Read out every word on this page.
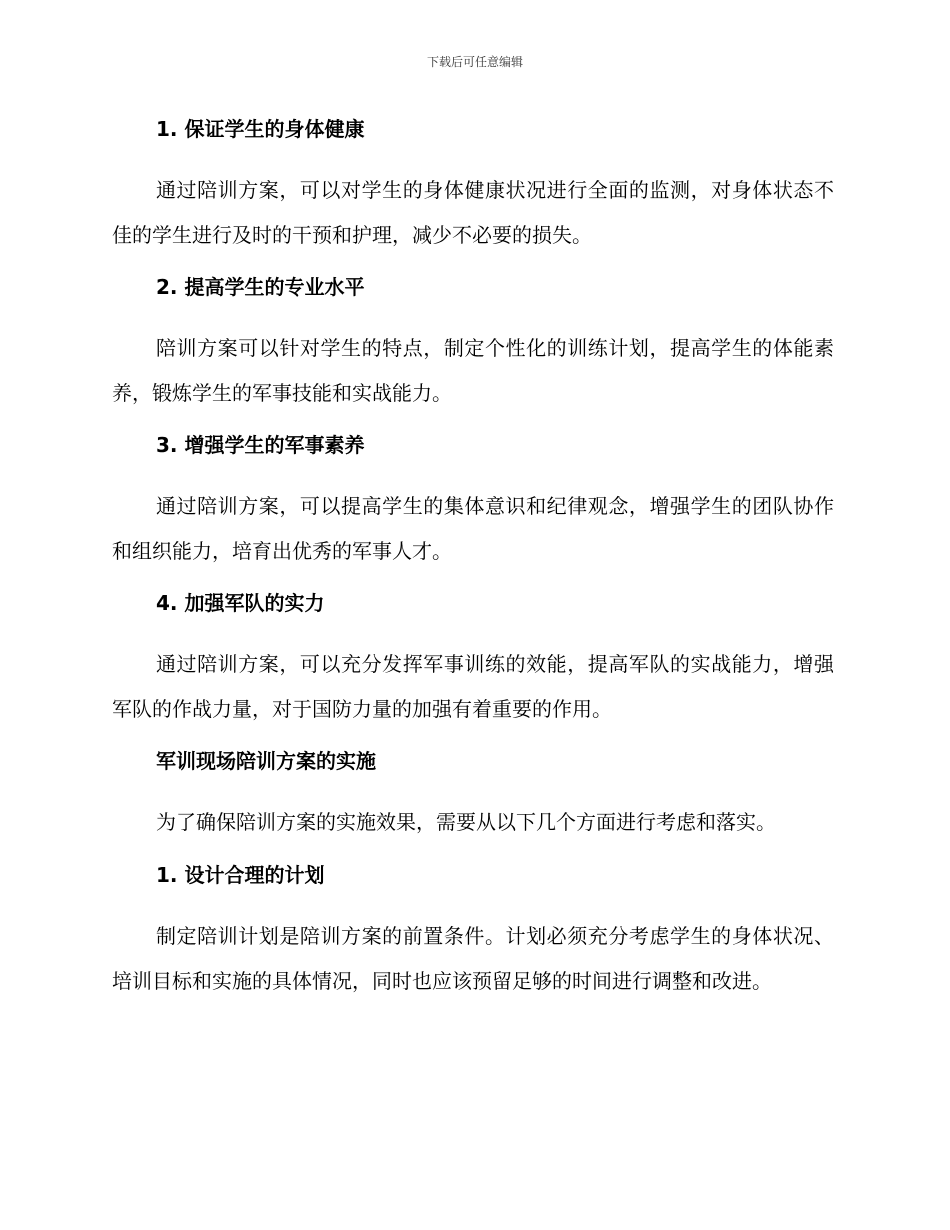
下载后可任意编辑
1. 保证学生的身体健康

通过陪训方案，可以对学生的身体健康状况进行全面的监测，对身体状态不佳的学生进行及时的干预和护理，减少不必要的损失。

2. 提高学生的专业水平

陪训方案可以针对学生的特点，制定个性化的训练计划，提高学生的体能素养，锻炼学生的军事技能和实战能力。

3. 增强学生的军事素养

通过陪训方案，可以提高学生的集体意识和纪律观念，增强学生的团队协作和组织能力，培育出优秀的军事人才。

4. 加强军队的实力

通过陪训方案，可以充分发挥军事训练的效能，提高军队的实战能力，增强军队的作战力量，对于国防力量的加强有着重要的作用。

军训现场陪训方案的实施

为了确保陪训方案的实施效果，需要从以下几个方面进行考虑和落实。

1. 设计合理的计划

制定陪训计划是陪训方案的前置条件。计划必须充分考虑学生的身体状况、培训目标和实施的具体情况，同时也应该预留足够的时间进行调整和改进。
